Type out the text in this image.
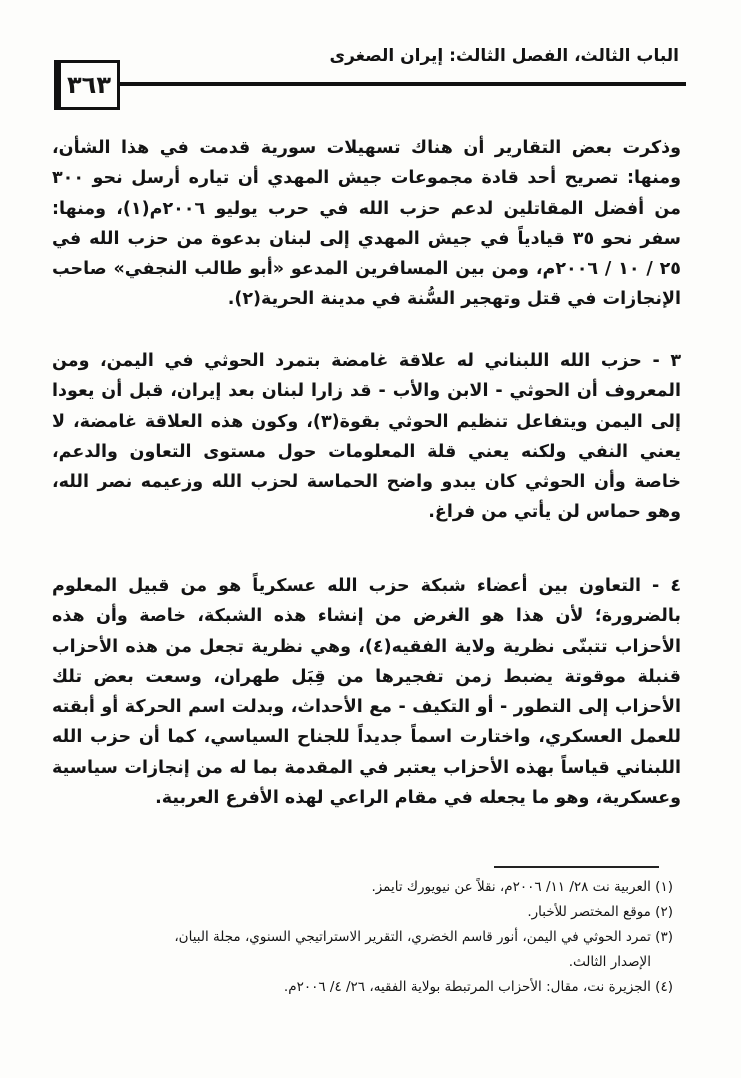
الباب الثالث، الفصل الثالث: إيران الصغرى
٣٦٣

وذكرت بعض التقارير أن هناك تسهيلات سورية قدمت في هذا الشأن، ومنها: تصريح أحد قادة مجموعات جيش المهدي أن تياره أرسل نحو ٣٠٠ من أفضل المقاتلين لدعم حزب الله في حرب يوليو ٢٠٠٦م(١)، ومنها: سفر نحو ٣٥ قيادياً في جيش المهدي إلى لبنان بدعوة من حزب الله في ٢٥ / ١٠ / ٢٠٠٦م، ومن بين المسافرين المدعو «أبو طالب النجفي» صاحب الإنجازات في قتل وتهجير السُّنة في مدينة الحرية(٢).

٣ - حزب الله اللبناني له علاقة غامضة بتمرد الحوثي في اليمن، ومن المعروف أن الحوثي - الابن والأب - قد زارا لبنان بعد إيران، قبل أن يعودا إلى اليمن ويتفاعل تنظيم الحوثي بقوة(٣)، وكون هذه العلاقة غامضة، لا يعني النفي ولكنه يعني قلة المعلومات حول مستوى التعاون والدعم، خاصة وأن الحوثي كان يبدو واضح الحماسة لحزب الله وزعيمه نصر الله، وهو حماس لن يأتي من فراغ.

٤ - التعاون بين أعضاء شبكة حزب الله عسكرياً هو من قبيل المعلوم بالضرورة؛ لأن هذا هو الغرض من إنشاء هذه الشبكة، خاصة وأن هذه الأحزاب تتبنّى نظرية ولاية الفقيه(٤)، وهي نظرية تجعل من هذه الأحزاب قنبلة موقوتة يضبط زمن تفجيرها من قِبَل طهران، وسعت بعض تلك الأحزاب إلى التطور - أو التكيف - مع الأحداث، وبدلت اسم الحركة أو أبقته للعمل العسكري، واختارت اسماً جديداً للجناح السياسي، كما أن حزب الله اللبناني قياساً بهذه الأحزاب يعتبر في المقدمة بما له من إنجازات سياسية وعسكرية، وهو ما يجعله في مقام الراعي لهذه الأفرع العربية.

(١) العربية نت ٢٨/ ١١/ ٢٠٠٦م، نقلاً عن نيويورك تايمز.

(٢) موقع المختصر للأخبار.

(٣) تمرد الحوثي في اليمن، أنور قاسم الخضري، التقرير الاستراتيجي السنوي، مجلة البيان،
الإصدار الثالث.

(٤) الجزيرة نت، مقال: الأحزاب المرتبطة بولاية الفقيه، ٢٦/ ٤/ ٢٠٠٦م.
